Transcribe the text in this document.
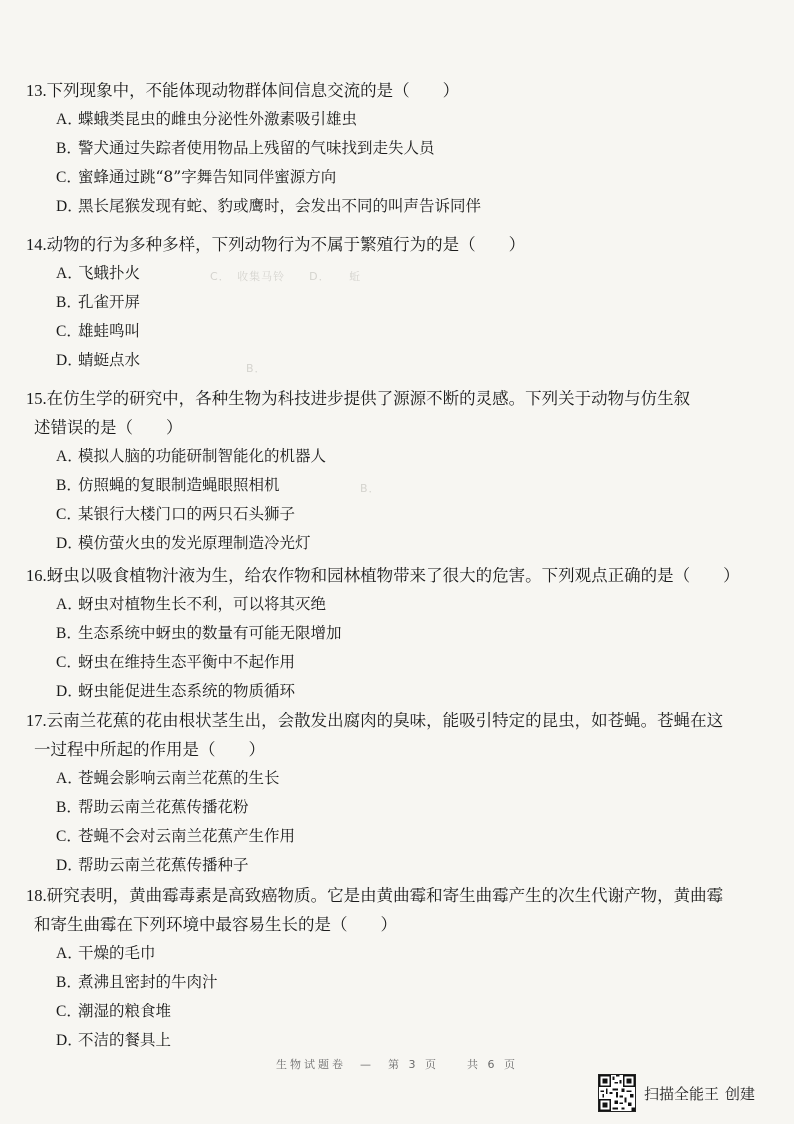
C．　收集马铃　　D．　　蚯

　　　B．　　　　
　　　　　B．

13.下列现象中，不能体现动物群体间信息交流的是（　　）

A．蝶蛾类昆虫的雌虫分泌性外激素吸引雄虫

B．警犬通过失踪者使用物品上残留的气味找到走失人员

C．蜜蜂通过跳“8”字舞告知同伴蜜源方向

D．黑长尾猴发现有蛇、豹或鹰时，会发出不同的叫声告诉同伴

14.动物的行为多种多样，下列动物行为不属于繁殖行为的是（　　）

A．飞蛾扑火

B．孔雀开屏

C．雄蛙鸣叫

D．蜻蜓点水

15.在仿生学的研究中，各种生物为科技进步提供了源源不断的灵感。下列关于动物与仿生叙

述错误的是（　　）

A．模拟人脑的功能研制智能化的机器人

B．仿照蝇的复眼制造蝇眼照相机

C．某银行大楼门口的两只石头狮子

D．模仿萤火虫的发光原理制造冷光灯

16.蚜虫以吸食植物汁液为生，给农作物和园林植物带来了很大的危害。下列观点正确的是（　　）

A．蚜虫对植物生长不利，可以将其灭绝

B．生态系统中蚜虫的数量有可能无限增加

C．蚜虫在维持生态平衡中不起作用

D．蚜虫能促进生态系统的物质循环

17.云南兰花蕉的花由根状茎生出，会散发出腐肉的臭味，能吸引特定的昆虫，如苍蝇。苍蝇在这

一过程中所起的作用是（　　）

A．苍蝇会影响云南兰花蕉的生长

B．帮助云南兰花蕉传播花粉

C．苍蝇不会对云南兰花蕉产生作用

D．帮助云南兰花蕉传播种子

18.研究表明，黄曲霉毒素是高致癌物质。它是由黄曲霉和寄生曲霉产生的次生代谢产物，黄曲霉

和寄生曲霉在下列环境中最容易生长的是（　　）

A．干燥的毛巾

B．煮沸且密封的牛肉汁

C．潮湿的粮食堆

D．不洁的餐具上

生物试题卷　—　第 3 页　　共 6 页
扫描全能王 创建
